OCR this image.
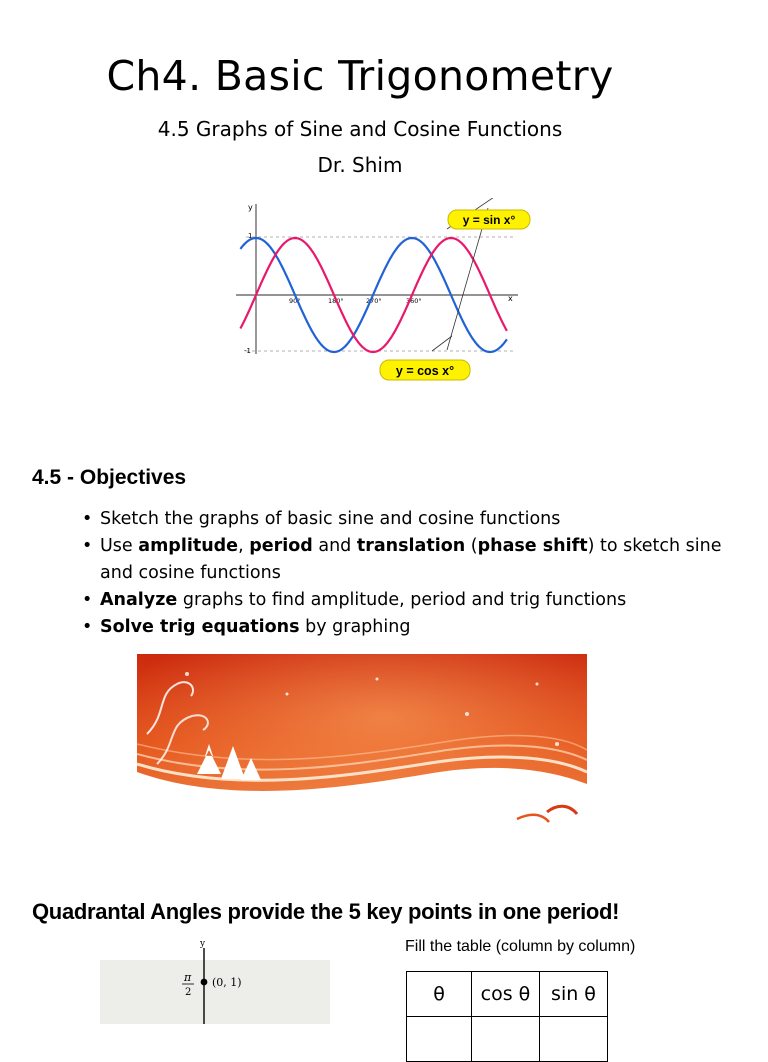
Ch4. Basic Trigonometry
4.5 Graphs of Sine and Cosine Functions
Dr. Shim
y
x
1
-1
90°	180°	270°	360°
y = sin x°
y = cos x°
4.5 - Objectives
• Sketch the graphs of basic sine and cosine functions
• Use amplitude, period and translation (phase shift) to sketch sine and cosine functions
• Analyze graphs to find amplitude, period and trig functions
• Solve trig equations by graphing
Quadrantal Angles provide the 5 key points in one period!
y
(0, 1)
π
2
Fill the table (column by column)
θ	cos θ	sin θ
